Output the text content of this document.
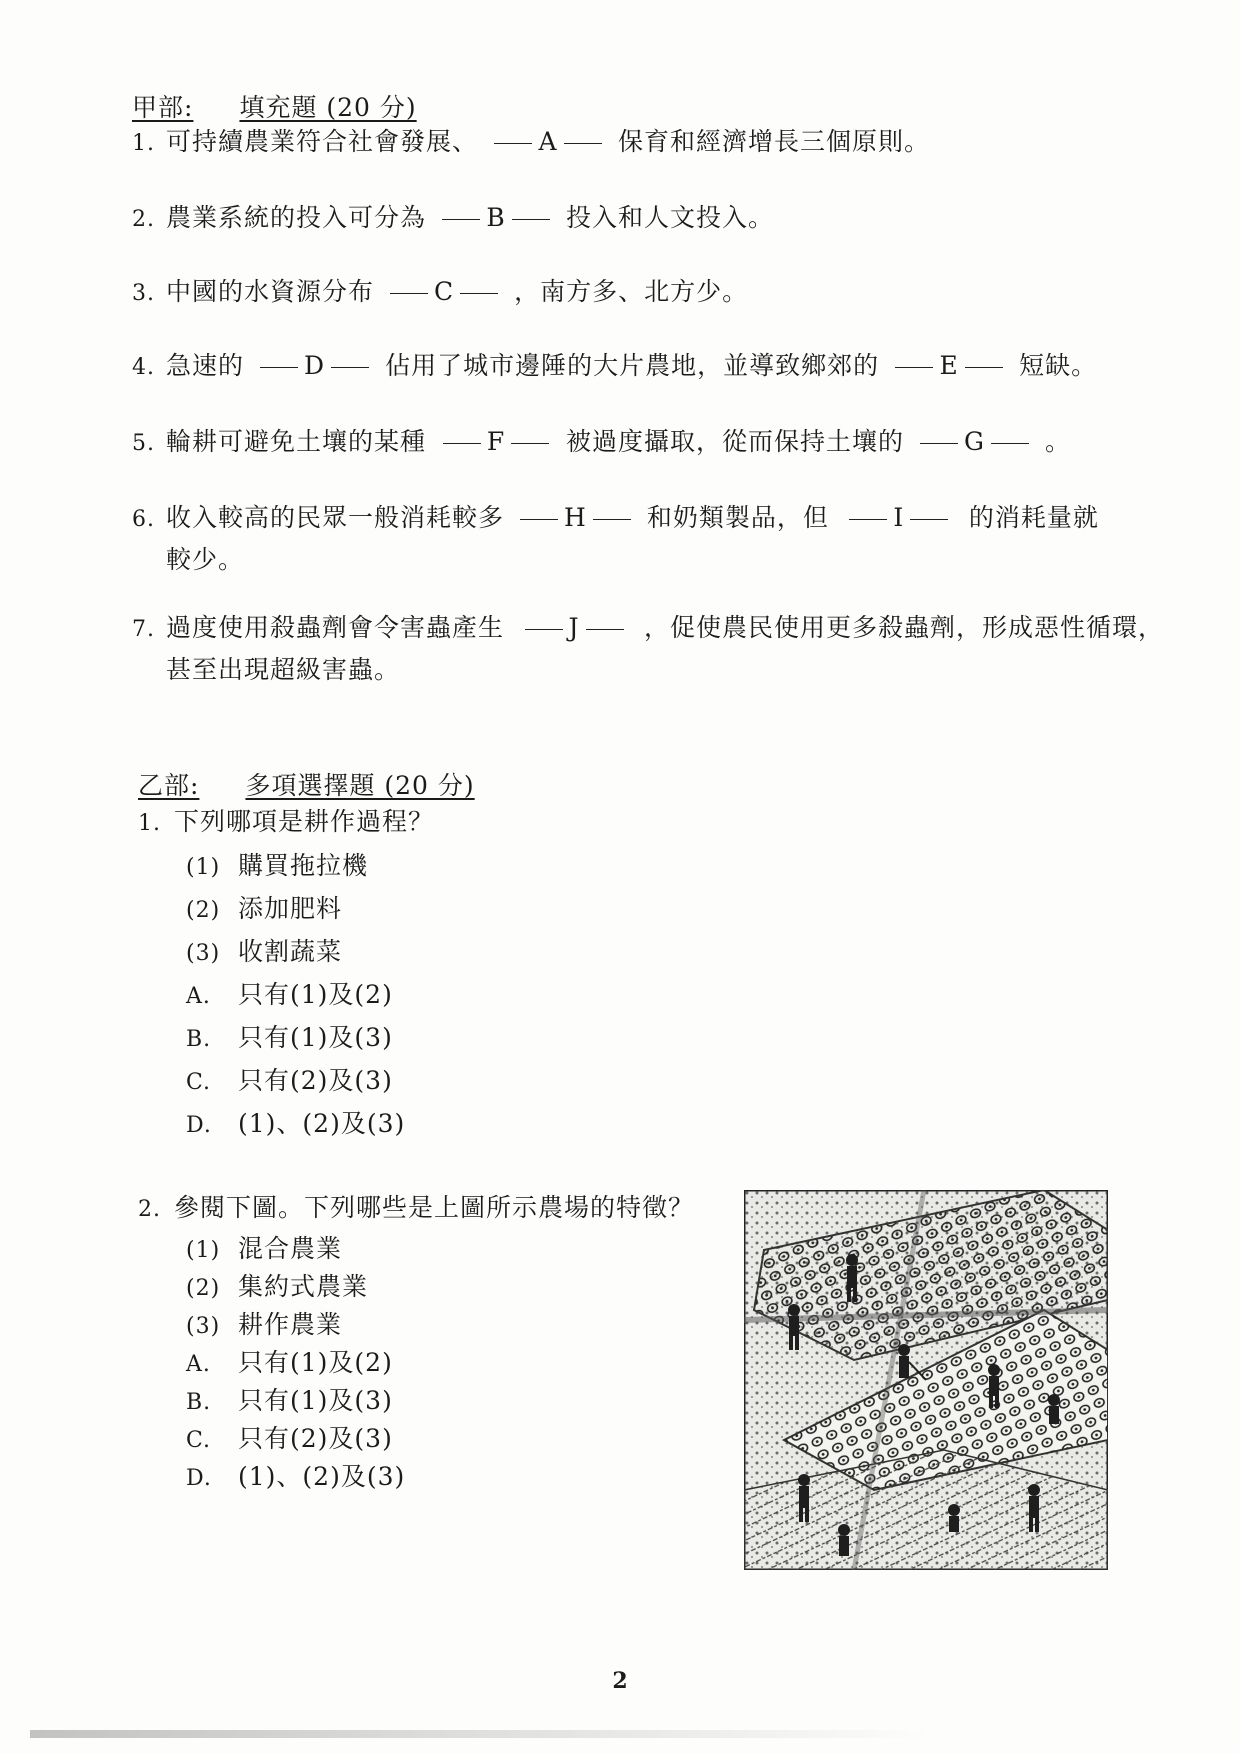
甲部: 填充題 (20 分)
1. 可持續農業符合社會發展、 A 保育和經濟增長三個原則。
2. 農業系統的投入可分為 B 投入和人文投入。
3. 中國的水資源分布 C ，南方多、北方少。
4. 急速的 D 佔用了城市邊陲的大片農地，並導致鄉郊的 E 短缺。
5. 輪耕可避免土壤的某種 F 被過度攝取，從而保持土壤的 G 。
6. 收入較高的民眾一般消耗較多 H 和奶類製品，但	I	的消耗量就
較少。
7. 過度使用殺蟲劑會令害蟲產生	J	，促使農民使用更多殺蟲劑，形成惡性循環，
甚至出現超級害蟲。
乙部: 多項選擇題 (20 分)
1. 下列哪項是耕作過程？
(1) 購買拖拉機
(2) 添加肥料
(3) 收割蔬菜
A. 只有(1)及(2)
B. 只有(1)及(3)
C. 只有(2)及(3)
D. (1)、(2)及(3)
2. 參閱下圖。下列哪些是上圖所示農場的特徵？
(1) 混合農業
(2) 集約式農業
(3) 耕作農業
A. 只有(1)及(2)
B. 只有(1)及(3)
C. 只有(2)及(3)
D. (1)、(2)及(3)
2
